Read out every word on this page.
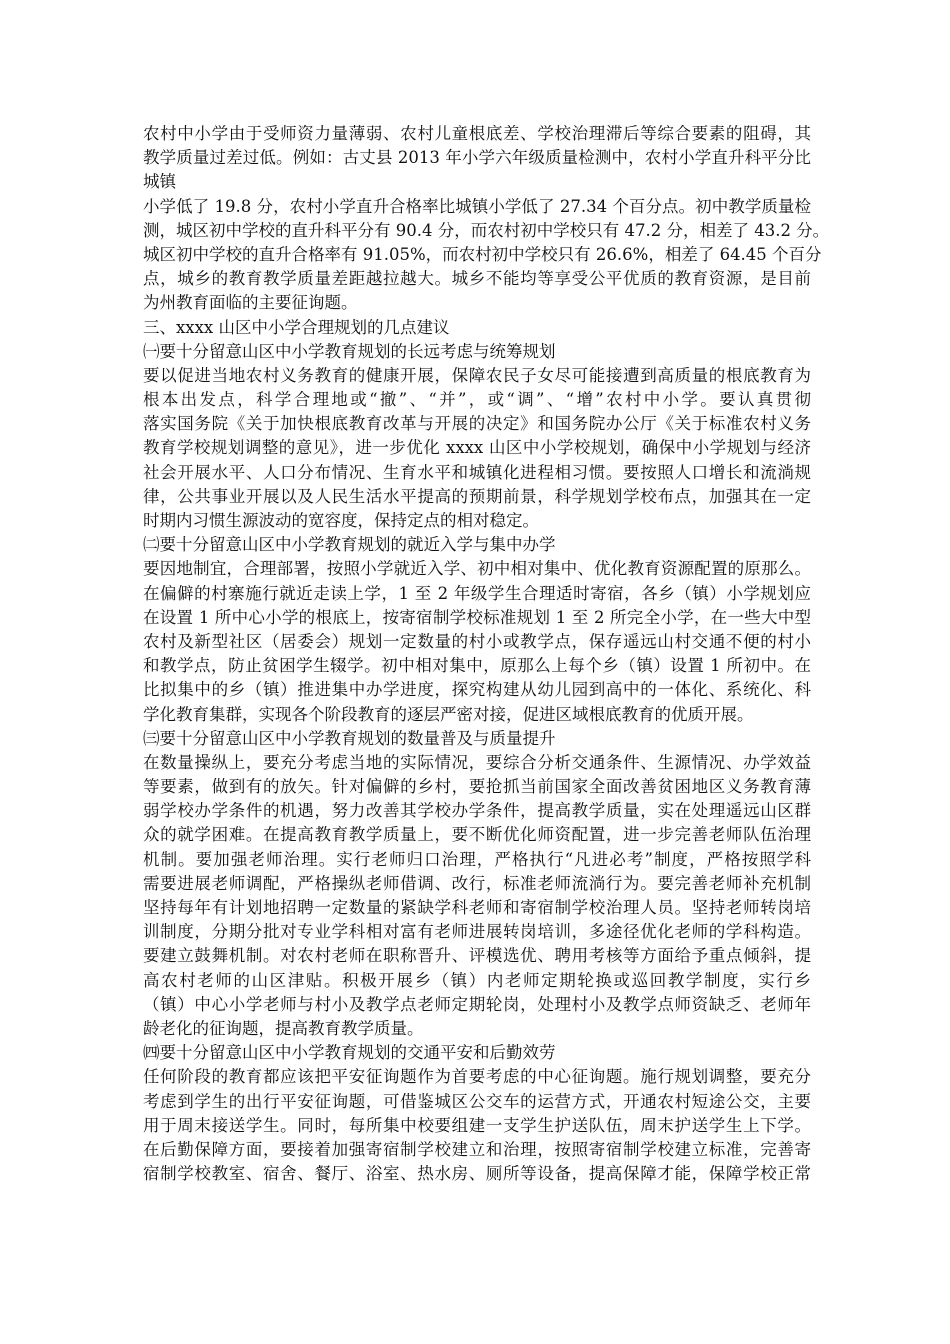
农村中小学由于受师资力量薄弱、农村儿童根底差、学校治理滞后等综合要素的阻碍，其
教学质量过差过低。例如：古丈县 2013 年小学六年级质量检测中，农村小学直升科平分比
城镇
小学低了 19.8 分，农村小学直升合格率比城镇小学低了 27.34 个百分点。初中教学质量检
测，城区初中学校的直升科平分有 90.4 分，而农村初中学校只有 47.2 分，相差了 43.2 分。
城区初中学校的直升合格率有 91.05%，而农村初中学校只有 26.6%，相差了 64.45 个百分
点，城乡的教育教学质量差距越拉越大。城乡不能均等享受公平优质的教育资源，是目前
为州教育面临的主要征询题。
三、xxxx 山区中小学合理规划的几点建议
㈠要十分留意山区中小学教育规划的长远考虑与统筹规划
要以促进当地农村义务教育的健康开展，保障农民子女尽可能接遭到高质量的根底教育为
根本出发点，科学合理地或“撤”、“并”，或“调”、“增”农村中小学。要认真贯彻
落实国务院《关于加快根底教育改革与开展的决定》和国务院办公厅《关于标准农村义务
教育学校规划调整的意见》，进一步优化 xxxx 山区中小学校规划，确保中小学规划与经济
社会开展水平、人口分布情况、生育水平和城镇化进程相习惯。要按照人口增长和流淌规
律，公共事业开展以及人民生活水平提高的预期前景，科学规划学校布点，加强其在一定
时期内习惯生源波动的宽容度，保持定点的相对稳定。
㈡要十分留意山区中小学教育规划的就近入学与集中办学
要因地制宜，合理部署，按照小学就近入学、初中相对集中、优化教育资源配置的原那么。
在偏僻的村寨施行就近走读上学，1 至 2 年级学生合理适时寄宿，各乡（镇）小学规划应
在设置 1 所中心小学的根底上，按寄宿制学校标准规划 1 至 2 所完全小学，在一些大中型
农村及新型社区（居委会）规划一定数量的村小或教学点，保存遥远山村交通不便的村小
和教学点，防止贫困学生辍学。初中相对集中，原那么上每个乡（镇）设置 1 所初中。在
比拟集中的乡（镇）推进集中办学进度，探究构建从幼儿园到高中的一体化、系统化、科
学化教育集群，实现各个阶段教育的逐层严密对接，促进区域根底教育的优质开展。
㈢要十分留意山区中小学教育规划的数量普及与质量提升
在数量操纵上，要充分考虑当地的实际情况，要综合分析交通条件、生源情况、办学效益
等要素，做到有的放矢。针对偏僻的乡村，要抢抓当前国家全面改善贫困地区义务教育薄
弱学校办学条件的机遇，努力改善其学校办学条件，提高教学质量，实在处理遥远山区群
众的就学困难。在提高教育教学质量上，要不断优化师资配置，进一步完善老师队伍治理
机制。要加强老师治理。实行老师归口治理，严格执行“凡进必考”制度，严格按照学科
需要进展老师调配，严格操纵老师借调、改行，标准老师流淌行为。要完善老师补充机制
坚持每年有计划地招聘一定数量的紧缺学科老师和寄宿制学校治理人员。坚持老师转岗培
训制度，分期分批对专业学科相对富有老师进展转岗培训，多途径优化老师的学科构造。
要建立鼓舞机制。对农村老师在职称晋升、评模选优、聘用考核等方面给予重点倾斜，提
高农村老师的山区津贴。积极开展乡（镇）内老师定期轮换或巡回教学制度，实行乡
（镇）中心小学老师与村小及教学点老师定期轮岗，处理村小及教学点师资缺乏、老师年
龄老化的征询题，提高教育教学质量。
㈣要十分留意山区中小学教育规划的交通平安和后勤效劳
任何阶段的教育都应该把平安征询题作为首要考虑的中心征询题。施行规划调整，要充分
考虑到学生的出行平安征询题，可借鉴城区公交车的运营方式，开通农村短途公交，主要
用于周末接送学生。同时，每所集中校要组建一支学生护送队伍，周末护送学生上下学。
在后勤保障方面，要接着加强寄宿制学校建立和治理，按照寄宿制学校建立标准，完善寄
宿制学校教室、宿舍、餐厅、浴室、热水房、厕所等设备，提高保障才能，保障学校正常
